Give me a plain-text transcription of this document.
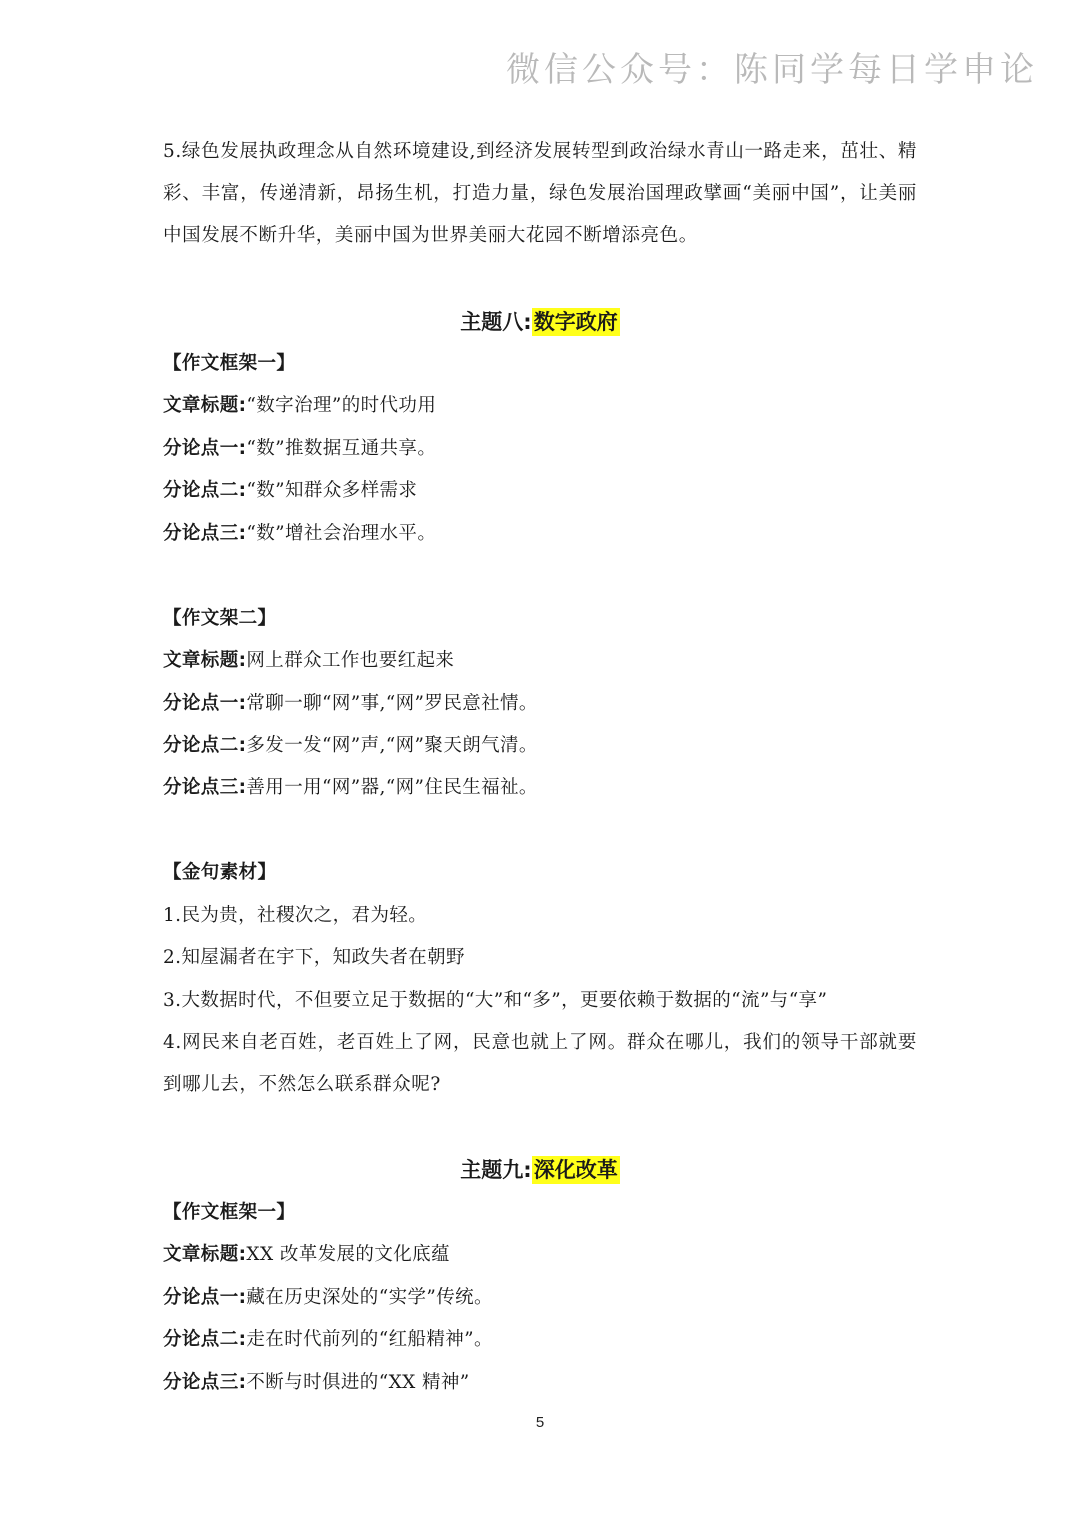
微信公众号：陈同学每日学申论
5.绿色发展执政理念从自然环境建设,到经济发展转型到政治绿水青山一路走来，茁壮、精彩、丰富，传递清新，昂扬生机，打造力量，绿色发展治国理政擘画“美丽中国”，让美丽中国发展不断升华，美丽中国为世界美丽大花园不断增添亮色。
主题八:数字政府
【作文框架一】
文章标题:“数字治理”的时代功用
分论点一:“数”推数据互通共享。
分论点二:“数”知群众多样需求
分论点三:“数”增社会治理水平。
【作文架二】
文章标题:网上群众工作也要红起来
分论点一:常聊一聊“网”事,“网”罗民意社情。
分论点二:多发一发“网”声,“网”聚天朗气清。
分论点三:善用一用“网”器,“网”住民生福祉。
【金句素材】
1.民为贵，社稷次之，君为轻。
2.知屋漏者在宇下，知政失者在朝野
3.大数据时代，不但要立足于数据的“大”和“多”，更要依赖于数据的“流”与“享”
4.网民来自老百姓，老百姓上了网，民意也就上了网。群众在哪儿，我们的领导干部就要到哪儿去，不然怎么联系群众呢?
主题九:深化改革
【作文框架一】
文章标题:XX 改革发展的文化底蕴
分论点一:藏在历史深处的“实学”传统。
分论点二:走在时代前列的“红船精神”。
分论点三:不断与时俱进的“XX 精神”
5
